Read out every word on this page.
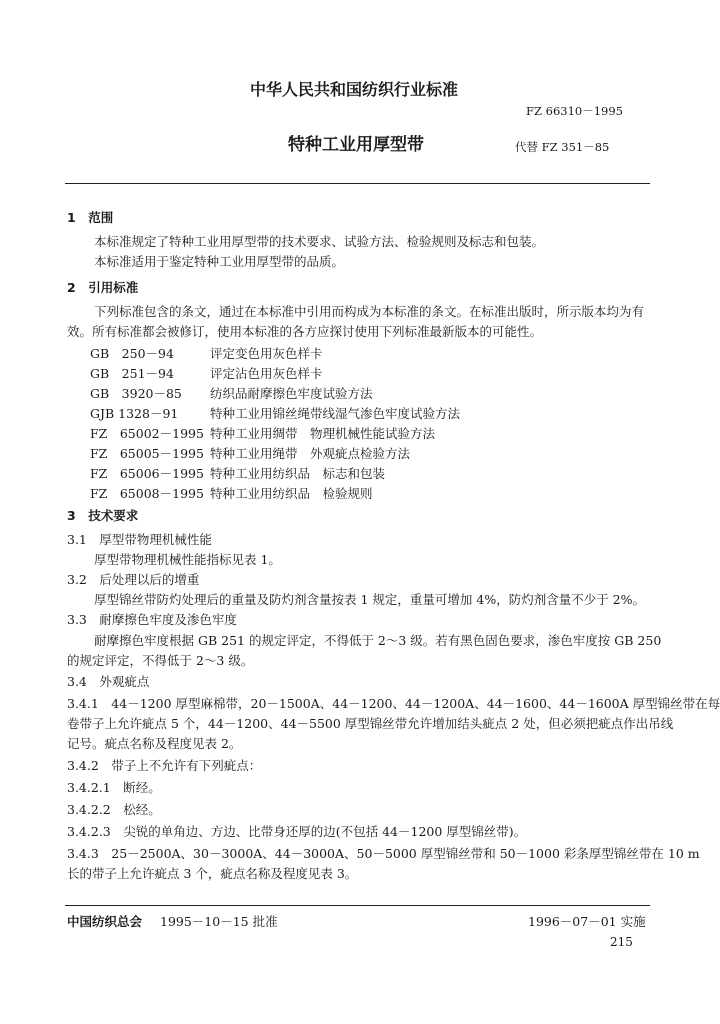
中华人民共和国纺织行业标准
FZ 66310－1995
特种工业用厚型带	代替 FZ 351－85
1　范围
本标准规定了特种工业用厚型带的技术要求、试验方法、检验规则及标志和包装。
本标准适用于鉴定特种工业用厚型带的品质。
2　引用标准
下列标准包含的条文，通过在本标准中引用而构成为本标准的条文。在标准出版时，所示版本均为有
效。所有标准都会被修订，使用本标准的各方应探讨使用下列标准最新版本的可能性。
GB　250－94	评定变色用灰色样卡
GB　251－94	评定沾色用灰色样卡
GB　3920－85 纺织品耐摩擦色牢度试验方法
GJB 1328－91	特种工业用锦丝绳带线湿气渗色牢度试验方法
FZ　65002－1995 特种工业用绸带　物理机械性能试验方法
FZ　65005－1995 特种工业用绳带　外观疵点检验方法
FZ　65006－1995 特种工业用纺织品　标志和包装
FZ　65008－1995 特种工业用纺织品　检验规则
3　技术要求
3.1　厚型带物理机械性能
厚型带物理机械性能指标见表 1。
3.2　后处理以后的增重
厚型锦丝带防灼处理后的重量及防灼剂含量按表 1 规定，重量可增加 4%，防灼剂含量不少于 2%。
3.3　耐摩擦色牢度及渗色牢度
耐摩擦色牢度根据 GB 251 的规定评定，不得低于 2～3 级。若有黑色固色要求，渗色牢度按 GB 250
的规定评定，不得低于 2～3 级。
3.4　外观疵点
3.4.1　44－1200 厚型麻棉带，20－1500A、44－1200、44－1200A、44－1600、44－1600A 厚型锦丝带在每
卷带子上允许疵点 5 个，44－1200、44－5500 厚型锦丝带允许增加结头疵点 2 处，但必须把疵点作出吊线
记号。疵点名称及程度见表 2。
3.4.2　带子上不允许有下列疵点：
3.4.2.1　断经。
3.4.2.2　松经。
3.4.2.3　尖锐的单角边、方边、比带身还厚的边(不包括 44－1200 厚型锦丝带)。
3.4.3　25－2500A、30－3000A、44－3000A、50－5000 厚型锦丝带和 50－1000 彩条厚型锦丝带在 10 m
长的带子上允许疵点 3 个，疵点名称及程度见表 3。
中国纺织总会 1995－10－15 批准	1996－07－01 实施
215
